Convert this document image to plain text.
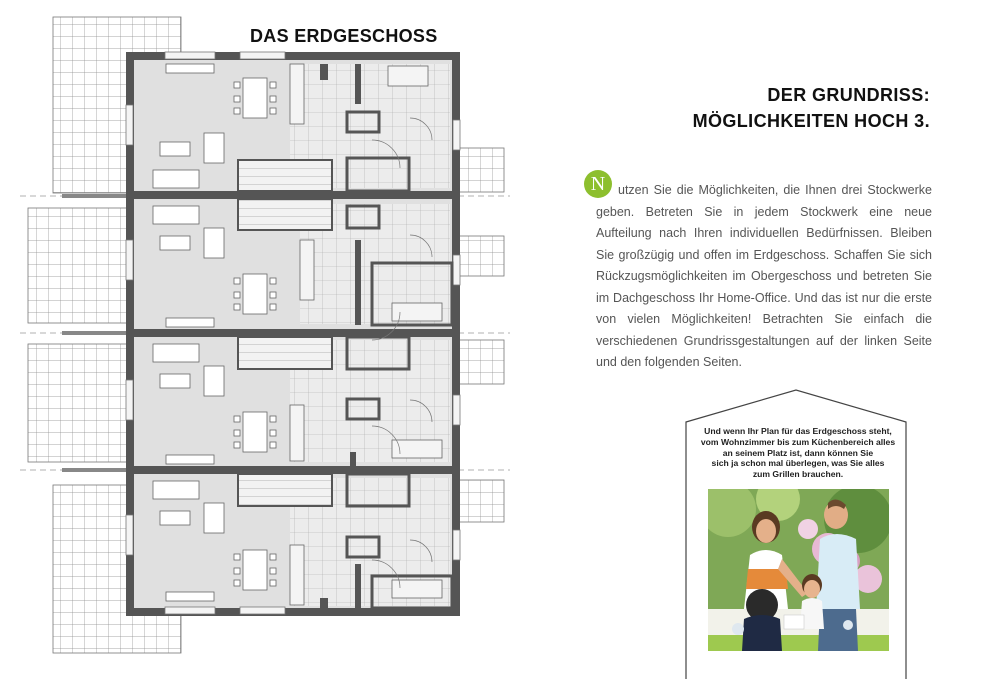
DAS ERDGESCHOSS
DER GRUNDRISS:
MÖGLICHKEITEN HOCH 3.
N	utzen Sie die Möglichkeiten, die Ihnen drei Stockwerke geben. Betreten Sie in jedem Stockwerk eine neue Aufteilung nach Ihren individuellen Bedürfnissen. Bleiben Sie großzügig und offen im Erdgeschoss. Schaffen Sie sich Rückzugsmöglichkeiten im Obergeschoss und betreten Sie im Dachgeschoss Ihr Home-Office. Und das ist nur die erste von vielen Möglichkeiten! Betrachten Sie einfach die verschiedenen Grundrissgestaltungen auf der linken Seite und den folgenden Seiten.
Und wenn Ihr Plan für das Erdgeschoss steht,
vom Wohnzimmer bis zum Küchenbereich alles
an seinem Platz ist, dann können Sie
sich ja schon mal überlegen, was Sie alles
zum Grillen brauchen.
